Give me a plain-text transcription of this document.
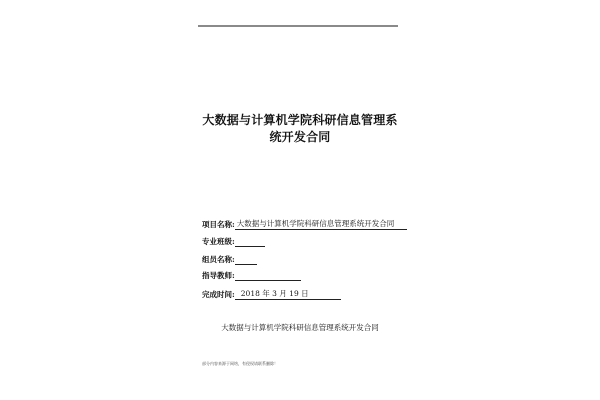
大数据与计算机学院科研信息管理系
统开发合同
项目名称: 大数据与计算机学院科研信息管理系统开发合同
专业班级:
组员名称:
指导教师:
完成时间: 2018 年 3 月 19 日
大数据与计算机学院科研信息管理系统开发合同
部分内容来源于网络，有侵权请联系删除！
